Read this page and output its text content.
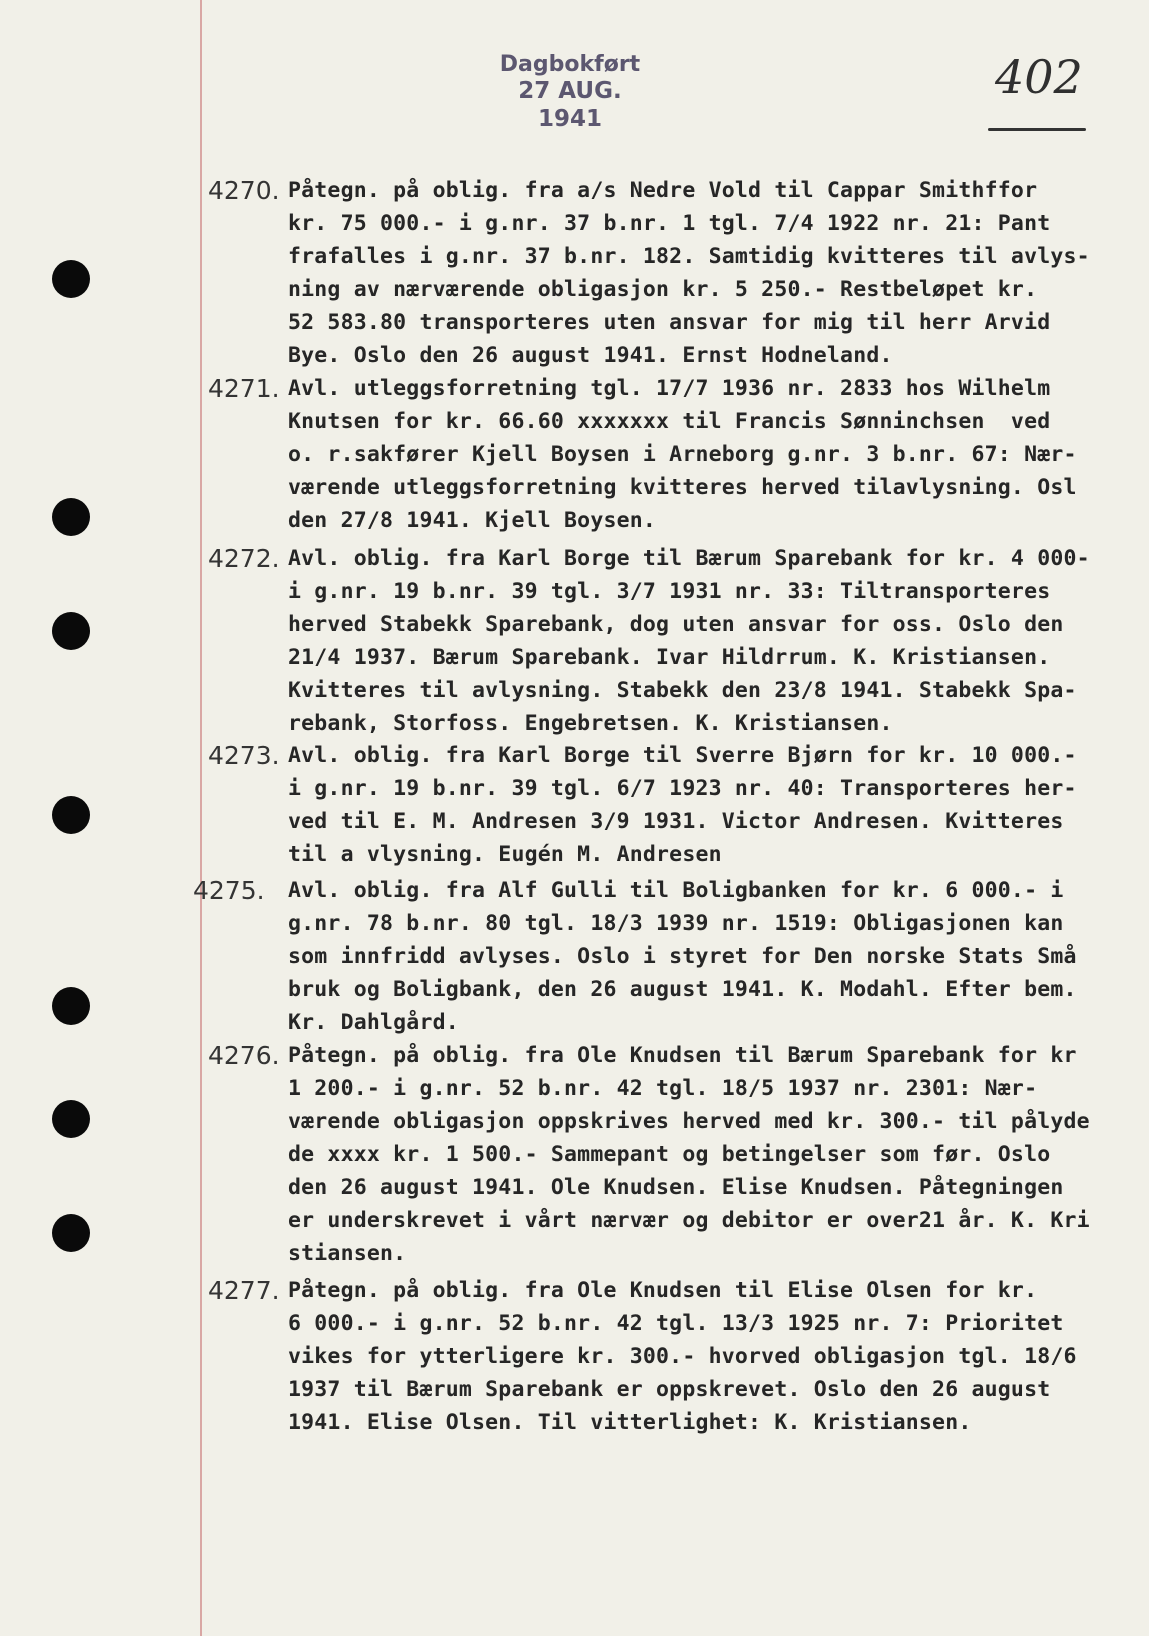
Dagbokført
27 AUG. 1941
402
4270. Påtegn. på oblig. fra a/s Nedre Vold til Cappar Smithffor
kr. 75 000.- i g.nr. 37 b.nr. 1 tgl. 7/4 1922 nr. 21: Pant
frafalles i g.nr. 37 b.nr. 182. Samtidig kvitteres til avlys-
ning av nærværende obligasjon kr. 5 250.- Restbeløpet kr.
52 583.80 transporteres uten ansvar for mig til herr Arvid
Bye. Oslo den 26 august 1941. Ernst Hodneland.
4271. Avl. utleggsforretning tgl. 17/7 1936 nr. 2833 hos Wilhelm
Knutsen for kr. 66.60 xxxxxxx til Francis Sønninchsen  ved
o. r.sakfører Kjell Boysen i Arneborg g.nr. 3 b.nr. 67: Nær-
værende utleggsforretning kvitteres herved tilavlysning. Osl
den 27/8 1941. Kjell Boysen.
4272. Avl. oblig. fra Karl Borge til Bærum Sparebank for kr. 4 000-
i g.nr. 19 b.nr. 39 tgl. 3/7 1931 nr. 33: Tiltransporteres
herved Stabekk Sparebank, dog uten ansvar for oss. Oslo den
21/4 1937. Bærum Sparebank. Ivar Hildrrum. K. Kristiansen.
Kvitteres til avlysning. Stabekk den 23/8 1941. Stabekk Spa-
rebank, Storfoss. Engebretsen. K. Kristiansen.
4273. Avl. oblig. fra Karl Borge til Sverre Bjørn for kr. 10 000.-
i g.nr. 19 b.nr. 39 tgl. 6/7 1923 nr. 40: Transporteres her-
ved til E. M. Andresen 3/9 1931. Victor Andresen. Kvitteres
til a vlysning. Eugén M. Andresen
4275. Avl. oblig. fra Alf Gulli til Boligbanken for kr. 6 000.- i
g.nr. 78 b.nr. 80 tgl. 18/3 1939 nr. 1519: Obligasjonen kan
som innfridd avlyses. Oslo i styret for Den norske Stats Små
bruk og Boligbank, den 26 august 1941. K. Modahl. Efter bem.
Kr. Dahlgård.
4276. Påtegn. på oblig. fra Ole Knudsen til Bærum Sparebank for kr
1 200.- i g.nr. 52 b.nr. 42 tgl. 18/5 1937 nr. 2301: Nær-
værende obligasjon oppskrives herved med kr. 300.- til pålyde
de xxxx kr. 1 500.- Sammepant og betingelser som før. Oslo
den 26 august 1941. Ole Knudsen. Elise Knudsen. Påtegningen
er underskrevet i vårt nærvær og debitor er over21 år. K. Kri
stiansen.
4277. Påtegn. på oblig. fra Ole Knudsen til Elise Olsen for kr.
6 000.- i g.nr. 52 b.nr. 42 tgl. 13/3 1925 nr. 7: Prioritet
vikes for ytterligere kr. 300.- hvorved obligasjon tgl. 18/6
1937 til Bærum Sparebank er oppskrevet. Oslo den 26 august
1941. Elise Olsen. Til vitterlighet: K. Kristiansen.
